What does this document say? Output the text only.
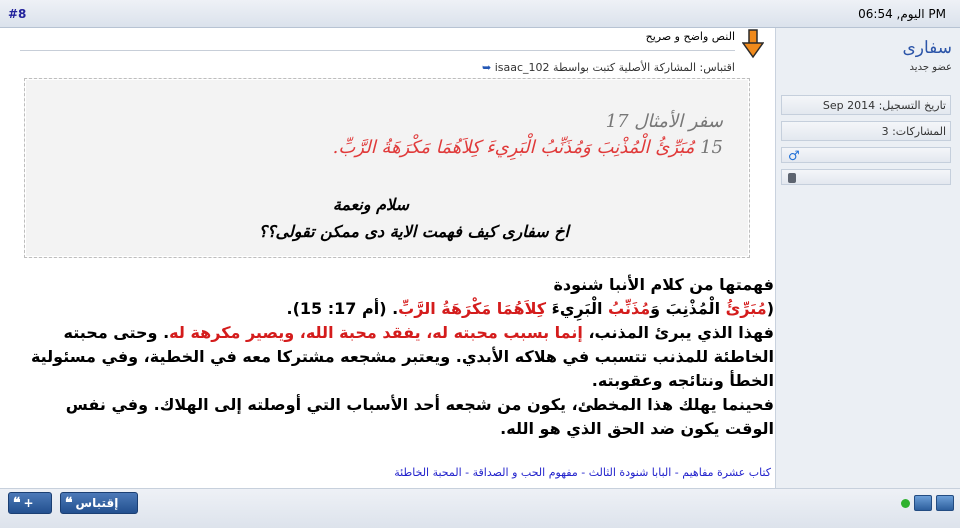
#8	اليوم, 06:54 PM
النص واضح و صريح
اقتباس: المشاركة الأصلية كتبت بواسطة isaac_102 ➥
سفر الأمثال 17
15 مُبَرِّئُ الْمُذْنِبَ وَمُذَنِّبُ الْبَرِيءَ كِلاَهُمَا مَكْرَهَةُ الرَّبِّ.
سلام ونعمة
اخ سفارى كيف فهمت الاية دى ممكن تقولى؟؟

فهمتها من كلام الأنبا شنودة

(مُبَرِّئُ الْمُذْنِبَ وَمُذَنِّبُ الْبَرِيءَ كِلاَهُمَا مَكْرَهَةُ الرَّبِّ. (أم 17: 15).

فهذا الذي يبرئ المذنب، إنما بسبب محبته له، يفقد محبة الله، ويصير مكرهة له. وحتى محبته الخاطئة للمذنب تتسبب في هلاكه الأبدي. ويعتبر مشجعه مشتركا معه في الخطية، وفي مسئولية الخطأ ونتائجه وعقوبته.

فحينما يهلك هذا المخطئ، يكون من شجعه أحد الأسباب التي أوصلته إلى الهلاك. وفي نفس الوقت يكون ضد الحق الذي هو الله.

كتاب عشرة مفاهيم - البابا شنودة الثالث - مفهوم الحب و الصداقة - المحبة الخاطئة
سفارى
عضو جديد
تاريخ التسجيل: Sep 2014
المشاركات: 3
♂
❝ + ❝ إقتباس
